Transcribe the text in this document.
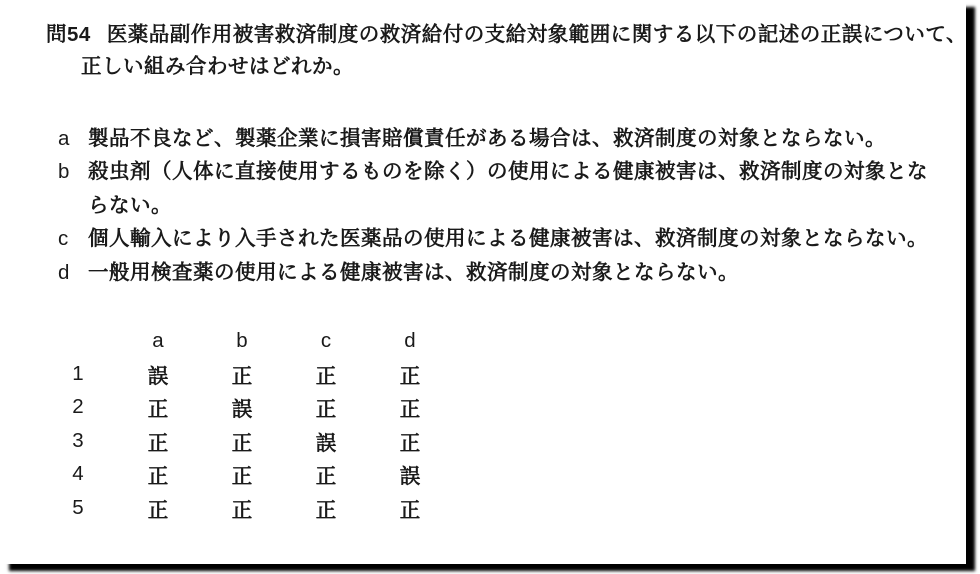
問54 医薬品副作用被害救済制度の救済給付の支給対象範囲に関する以下の記述の正誤について、
正しい組み合わせはどれか。
a 製品不良など、製薬企業に損害賠償責任がある場合は、救済制度の対象とならない。
b 殺虫剤（人体に直接使用するものを除く）の使用による健康被害は、救済制度の対象とならない。
c 個人輸入により入手された医薬品の使用による健康被害は、救済制度の対象とならない。
d 一般用検査薬の使用による健康被害は、救済制度の対象とならない。
	a	b	c	d
1	誤	正	正	正
2	正	誤	正	正
3	正	正	誤	正
4	正	正	正	誤
5	正	正	正	正
